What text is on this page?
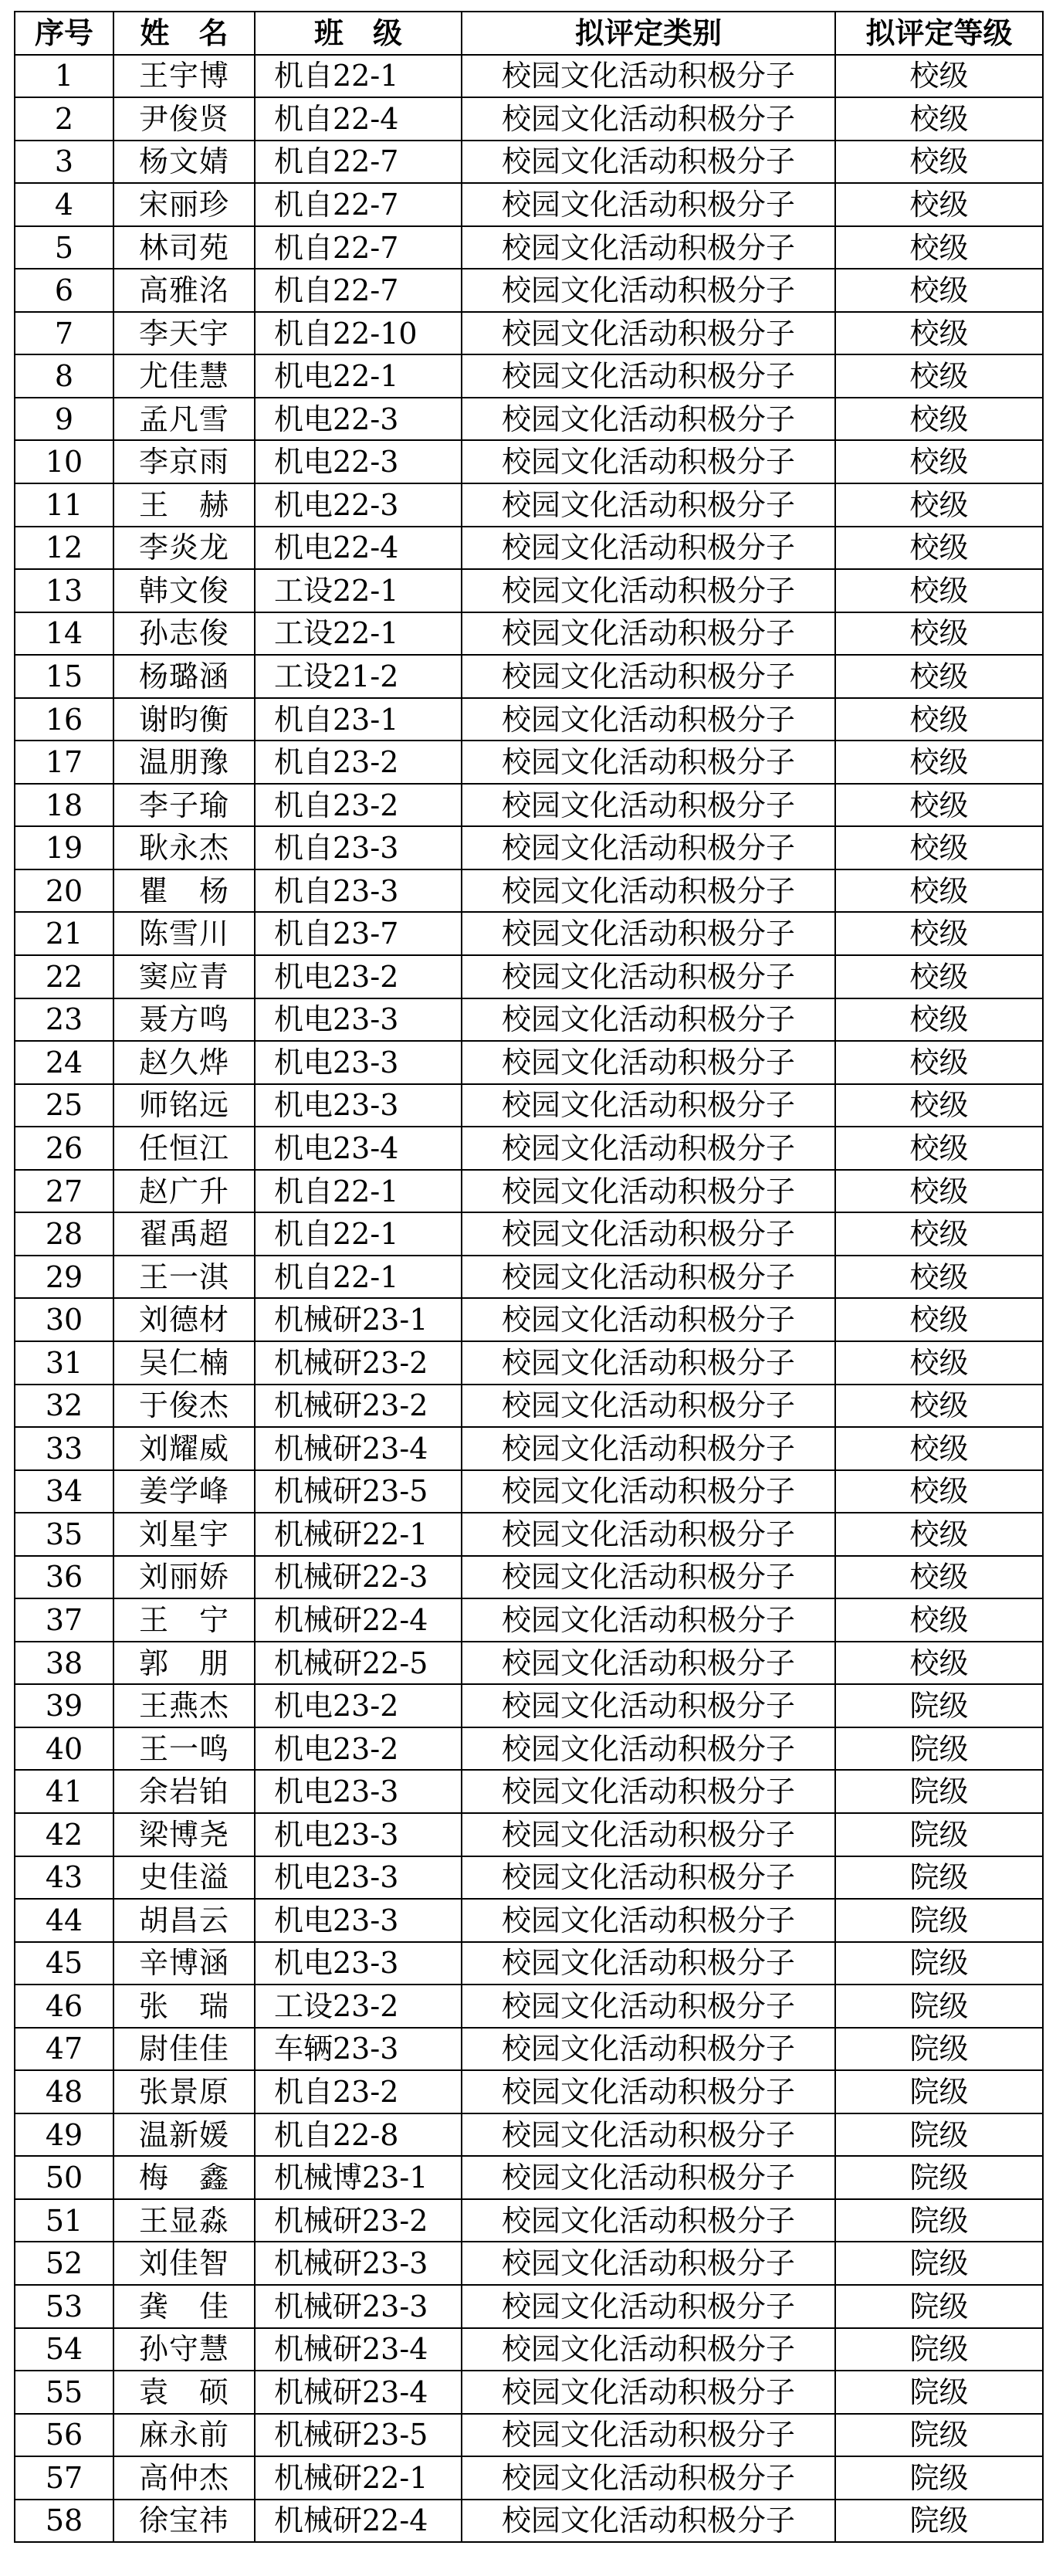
序号	姓　名	班　级	拟评定类别	拟评定等级
1	王宇博	机自22-1	校园文化活动积极分子	校级
2	尹俊贤	机自22-4	校园文化活动积极分子	校级
3	杨文婧	机自22-7	校园文化活动积极分子	校级
4	宋丽珍	机自22-7	校园文化活动积极分子	校级
5	林司苑	机自22-7	校园文化活动积极分子	校级
6	高雅洺	机自22-7	校园文化活动积极分子	校级
7	李天宇	机自22-10	校园文化活动积极分子	校级
8	尤佳慧	机电22-1	校园文化活动积极分子	校级
9	孟凡雪	机电22-3	校园文化活动积极分子	校级
10	李京雨	机电22-3	校园文化活动积极分子	校级
11	王　赫	机电22-3	校园文化活动积极分子	校级
12	李炎龙	机电22-4	校园文化活动积极分子	校级
13	韩文俊	工设22-1	校园文化活动积极分子	校级
14	孙志俊	工设22-1	校园文化活动积极分子	校级
15	杨璐涵	工设21-2	校园文化活动积极分子	校级
16	谢昀衡	机自23-1	校园文化活动积极分子	校级
17	温朋豫	机自23-2	校园文化活动积极分子	校级
18	李子瑜	机自23-2	校园文化活动积极分子	校级
19	耿永杰	机自23-3	校园文化活动积极分子	校级
20	瞿　杨	机自23-3	校园文化活动积极分子	校级
21	陈雪川	机自23-7	校园文化活动积极分子	校级
22	窦应青	机电23-2	校园文化活动积极分子	校级
23	聂方鸣	机电23-3	校园文化活动积极分子	校级
24	赵久烨	机电23-3	校园文化活动积极分子	校级
25	师铭远	机电23-3	校园文化活动积极分子	校级
26	任恒江	机电23-4	校园文化活动积极分子	校级
27	赵广升	机自22-1	校园文化活动积极分子	校级
28	翟禹超	机自22-1	校园文化活动积极分子	校级
29	王一淇	机自22-1	校园文化活动积极分子	校级
30	刘德材	机械研23-1	校园文化活动积极分子	校级
31	吴仁楠	机械研23-2	校园文化活动积极分子	校级
32	于俊杰	机械研23-2	校园文化活动积极分子	校级
33	刘耀威	机械研23-4	校园文化活动积极分子	校级
34	姜学峰	机械研23-5	校园文化活动积极分子	校级
35	刘星宇	机械研22-1	校园文化活动积极分子	校级
36	刘丽娇	机械研22-3	校园文化活动积极分子	校级
37	王　宁	机械研22-4	校园文化活动积极分子	校级
38	郭　朋	机械研22-5	校园文化活动积极分子	校级
39	王燕杰	机电23-2	校园文化活动积极分子	院级
40	王一鸣	机电23-2	校园文化活动积极分子	院级
41	余岩铂	机电23-3	校园文化活动积极分子	院级
42	梁博尧	机电23-3	校园文化活动积极分子	院级
43	史佳溢	机电23-3	校园文化活动积极分子	院级
44	胡昌云	机电23-3	校园文化活动积极分子	院级
45	辛博涵	机电23-3	校园文化活动积极分子	院级
46	张　瑞	工设23-2	校园文化活动积极分子	院级
47	尉佳佳	车辆23-3	校园文化活动积极分子	院级
48	张景原	机自23-2	校园文化活动积极分子	院级
49	温新媛	机自22-8	校园文化活动积极分子	院级
50	梅　鑫	机械博23-1	校园文化活动积极分子	院级
51	王显淼	机械研23-2	校园文化活动积极分子	院级
52	刘佳智	机械研23-3	校园文化活动积极分子	院级
53	龚　佳	机械研23-3	校园文化活动积极分子	院级
54	孙守慧	机械研23-4	校园文化活动积极分子	院级
55	袁　硕	机械研23-4	校园文化活动积极分子	院级
56	麻永前	机械研23-5	校园文化活动积极分子	院级
57	高仲杰	机械研22-1	校园文化活动积极分子	院级
58	徐宝祎	机械研22-4	校园文化活动积极分子	院级
